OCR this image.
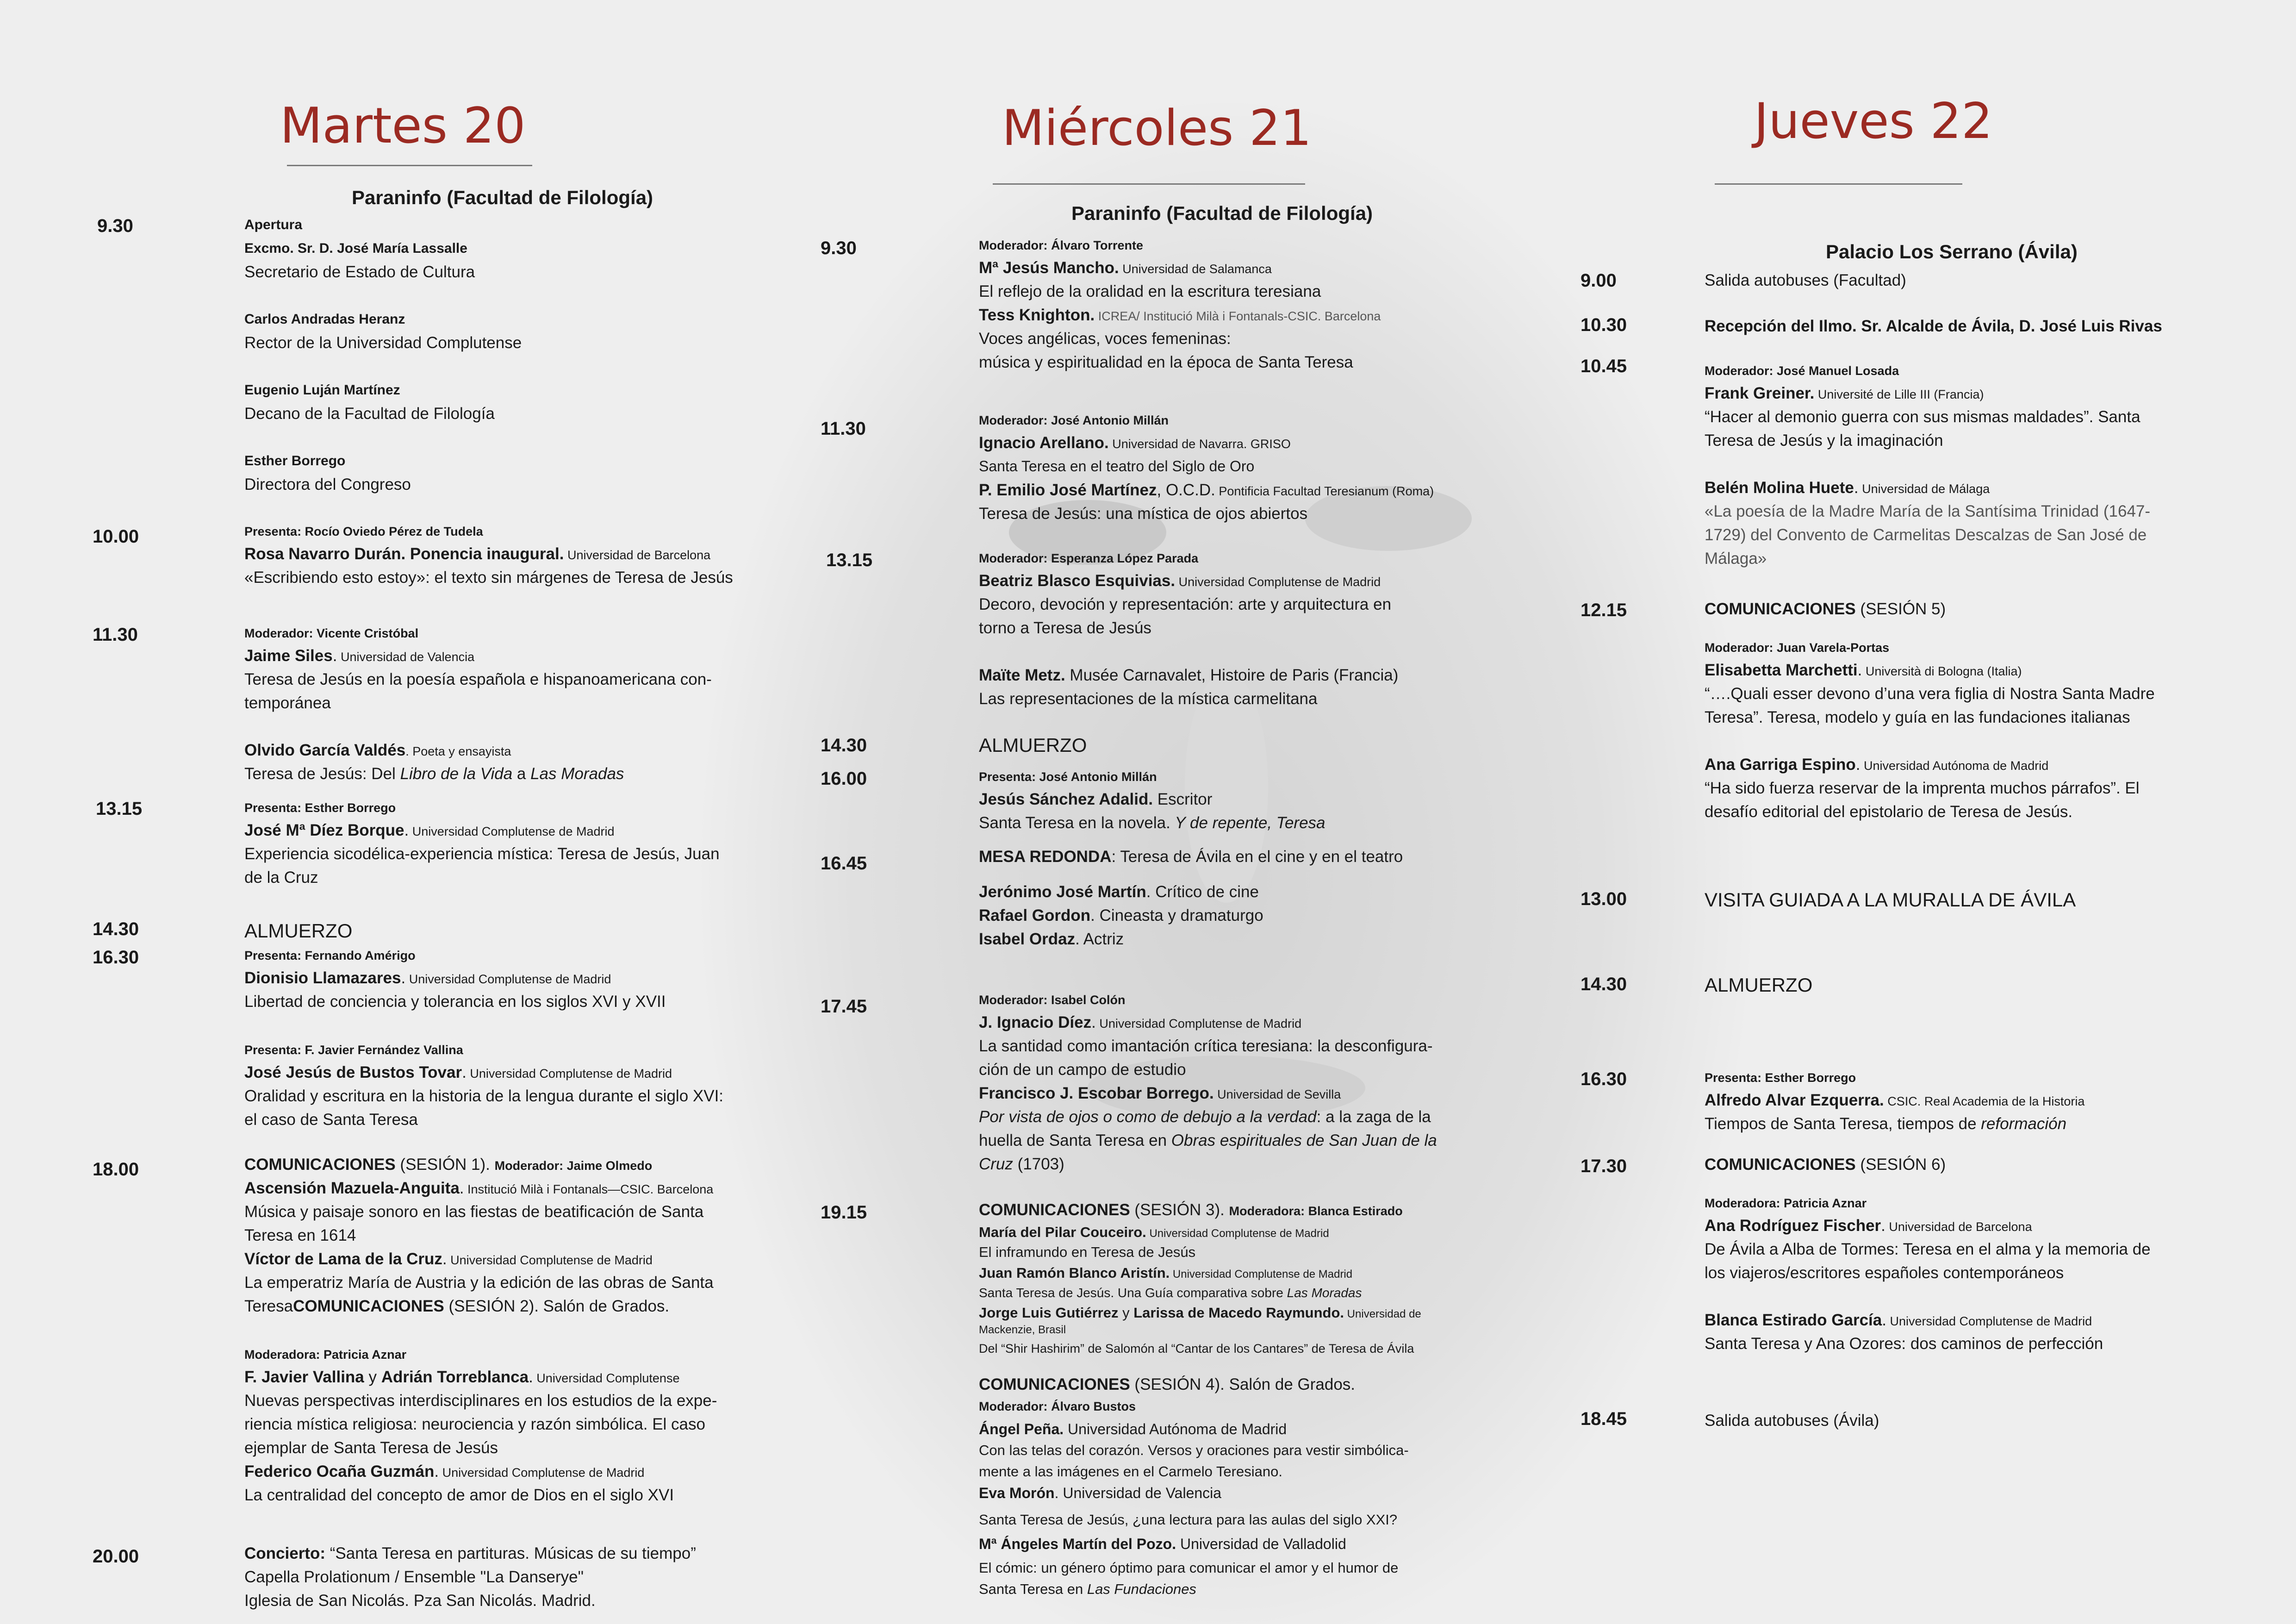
Martes 20
Paraninfo (Facultad de Filología)
9.30	Apertura
Excmo. Sr. D. José María Lassalle
Secretario de Estado de Cultura
Carlos Andradas Heranz
Rector de la Universidad Complutense
Eugenio Luján Martínez
Decano de la Facultad de Filología
Esther Borrego
Directora del Congreso
10.00	Presenta: Rocío Oviedo Pérez de Tudela
Rosa Navarro Durán. Ponencia inaugural. Universidad de Barcelona
«Escribiendo esto estoy»: el texto sin márgenes de Teresa de Jesús
11.30	Moderador: Vicente Cristóbal
Jaime Siles. Universidad de Valencia
Teresa de Jesús en la poesía española e hispanoamericana con-
temporánea
Olvido García Valdés. Poeta y ensayista
Teresa de Jesús: Del Libro de la Vida a Las Moradas
13.15	Presenta: Esther Borrego
José Mª Díez Borque. Universidad Complutense de Madrid
Experiencia sicodélica-experiencia mística: Teresa de Jesús, Juan
de la Cruz
14.30	ALMUERZO
16.30	Presenta: Fernando Amérigo
Dionisio Llamazares. Universidad Complutense de Madrid
Libertad de conciencia y tolerancia en los siglos XVI y XVII
Presenta: F. Javier Fernández Vallina
José Jesús de Bustos Tovar. Universidad Complutense de Madrid
Oralidad y escritura en la historia de la lengua durante el siglo XVI:
el caso de Santa Teresa
18.00	COMUNICACIONES (SESIÓN 1). Moderador: Jaime Olmedo
Ascensión Mazuela-Anguita. Institució Milà i Fontanals—CSIC. Barcelona
Música y paisaje sonoro en las fiestas de beatificación de Santa
Teresa en 1614
Víctor de Lama de la Cruz. Universidad Complutense de Madrid
La emperatriz María de Austria y la edición de las obras de Santa
TeresaCOMUNICACIONES (SESIÓN 2). Salón de Grados.
Moderadora: Patricia Aznar
F. Javier Vallina y Adrián Torreblanca. Universidad Complutense
Nuevas perspectivas interdisciplinares en los estudios de la expe-
riencia mística religiosa: neurociencia y razón simbólica. El caso
ejemplar de Santa Teresa de Jesús
Federico Ocaña Guzmán. Universidad Complutense de Madrid
La centralidad del concepto de amor de Dios en el siglo XVI
20.00	Concierto: “Santa Teresa en partituras. Músicas de su tiempo”
Capella Prolationum / Ensemble "La Danserye"
Iglesia de San Nicolás. Pza San Nicolás. Madrid.
Miércoles 21
Paraninfo (Facultad de Filología)
9.30	Moderador: Álvaro Torrente
Mª Jesús Mancho. Universidad de Salamanca
El reflejo de la oralidad en la escritura teresiana
Tess Knighton. ICREA/ Institució Milà i Fontanals-CSIC. Barcelona
Voces angélicas, voces femeninas:
música y espiritualidad en la época de Santa Teresa
11.30	Moderador: José Antonio Millán
Ignacio Arellano. Universidad de Navarra. GRISO
Santa Teresa en el teatro del Siglo de Oro
P. Emilio José Martínez, O.C.D. Pontificia Facultad Teresianum (Roma)
Teresa de Jesús: una mística de ojos abiertos
13.15	Moderador: Esperanza López Parada
Beatriz Blasco Esquivias. Universidad Complutense de Madrid
Decoro, devoción y representación: arte y arquitectura en
torno a Teresa de Jesús
Maïte Metz. Musée Carnavalet, Histoire de Paris (Francia)
Las representaciones de la mística carmelitana
14.30	ALMUERZO
16.00	Presenta: José Antonio Millán
Jesús Sánchez Adalid. Escritor
Santa Teresa en la novela. Y de repente, Teresa
16.45	MESA REDONDA: Teresa de Ávila en el cine y en el teatro
Jerónimo José Martín. Crítico de cine
Rafael Gordon. Cineasta y dramaturgo
Isabel Ordaz. Actriz
17.45	Moderador: Isabel Colón
J. Ignacio Díez. Universidad Complutense de Madrid
La santidad como imantación crítica teresiana: la desconfigura-
ción de un campo de estudio
Francisco J. Escobar Borrego. Universidad de Sevilla
Por vista de ojos o como de debujo a la verdad: a la zaga de la
huella de Santa Teresa en Obras espirituales de San Juan de la
Cruz (1703)
19.15	COMUNICACIONES (SESIÓN 3). Moderadora: Blanca Estirado
María del Pilar Couceiro. Universidad Complutense de Madrid
El inframundo en Teresa de Jesús
Juan Ramón Blanco Aristín. Universidad Complutense de Madrid
Santa Teresa de Jesús. Una Guía comparativa sobre Las Moradas
Jorge Luis Gutiérrez y Larissa de Macedo Raymundo. Universidad de
Mackenzie, Brasil
Del “Shir Hashirim” de Salomón al “Cantar de los Cantares” de Teresa de Ávila
COMUNICACIONES (SESIÓN 4). Salón de Grados.
Moderador: Álvaro Bustos
Ángel Peña. Universidad Autónoma de Madrid
Con las telas del corazón. Versos y oraciones para vestir simbólica-
mente a las imágenes en el Carmelo Teresiano.
Eva Morón. Universidad de Valencia
Santa Teresa de Jesús, ¿una lectura para las aulas del siglo XXI?
Mª Ángeles Martín del Pozo. Universidad de Valladolid
El cómic: un género óptimo para comunicar el amor y el humor de
Santa Teresa en Las Fundaciones
Jueves 22
Palacio Los Serrano (Ávila)
9.00	Salida autobuses (Facultad)
10.30	Recepción del Ilmo. Sr. Alcalde de Ávila, D. José Luis Rivas
10.45	Moderador: José Manuel Losada
Frank Greiner. Université de Lille III (Francia)
“Hacer al demonio guerra con sus mismas maldades”. Santa
Teresa de Jesús y la imaginación
Belén Molina Huete. Universidad de Málaga
«La poesía de la Madre María de la Santísima Trinidad (1647-
1729) del Convento de Carmelitas Descalzas de San José de
Málaga»
12.15	COMUNICACIONES (SESIÓN 5)
Moderador: Juan Varela-Portas
Elisabetta Marchetti. Università di Bologna (Italia)
“….Quali esser devono d’una vera figlia di Nostra Santa Madre
Teresa”. Teresa, modelo y guía en las fundaciones italianas
Ana Garriga Espino. Universidad Autónoma de Madrid
“Ha sido fuerza reservar de la imprenta muchos párrafos”. El
desafío editorial del epistolario de Teresa de Jesús.
13.00	VISITA GUIADA A LA MURALLA DE ÁVILA
14.30	ALMUERZO
16.30	Presenta: Esther Borrego
Alfredo Alvar Ezquerra. CSIC. Real Academia de la Historia
Tiempos de Santa Teresa, tiempos de reformación
17.30	COMUNICACIONES (SESIÓN 6)
Moderadora: Patricia Aznar
Ana Rodríguez Fischer. Universidad de Barcelona
De Ávila a Alba de Tormes: Teresa en el alma y la memoria de
los viajeros/escritores españoles contemporáneos
Blanca Estirado García. Universidad Complutense de Madrid
Santa Teresa y Ana Ozores: dos caminos de perfección
18.45	Salida autobuses (Ávila)
